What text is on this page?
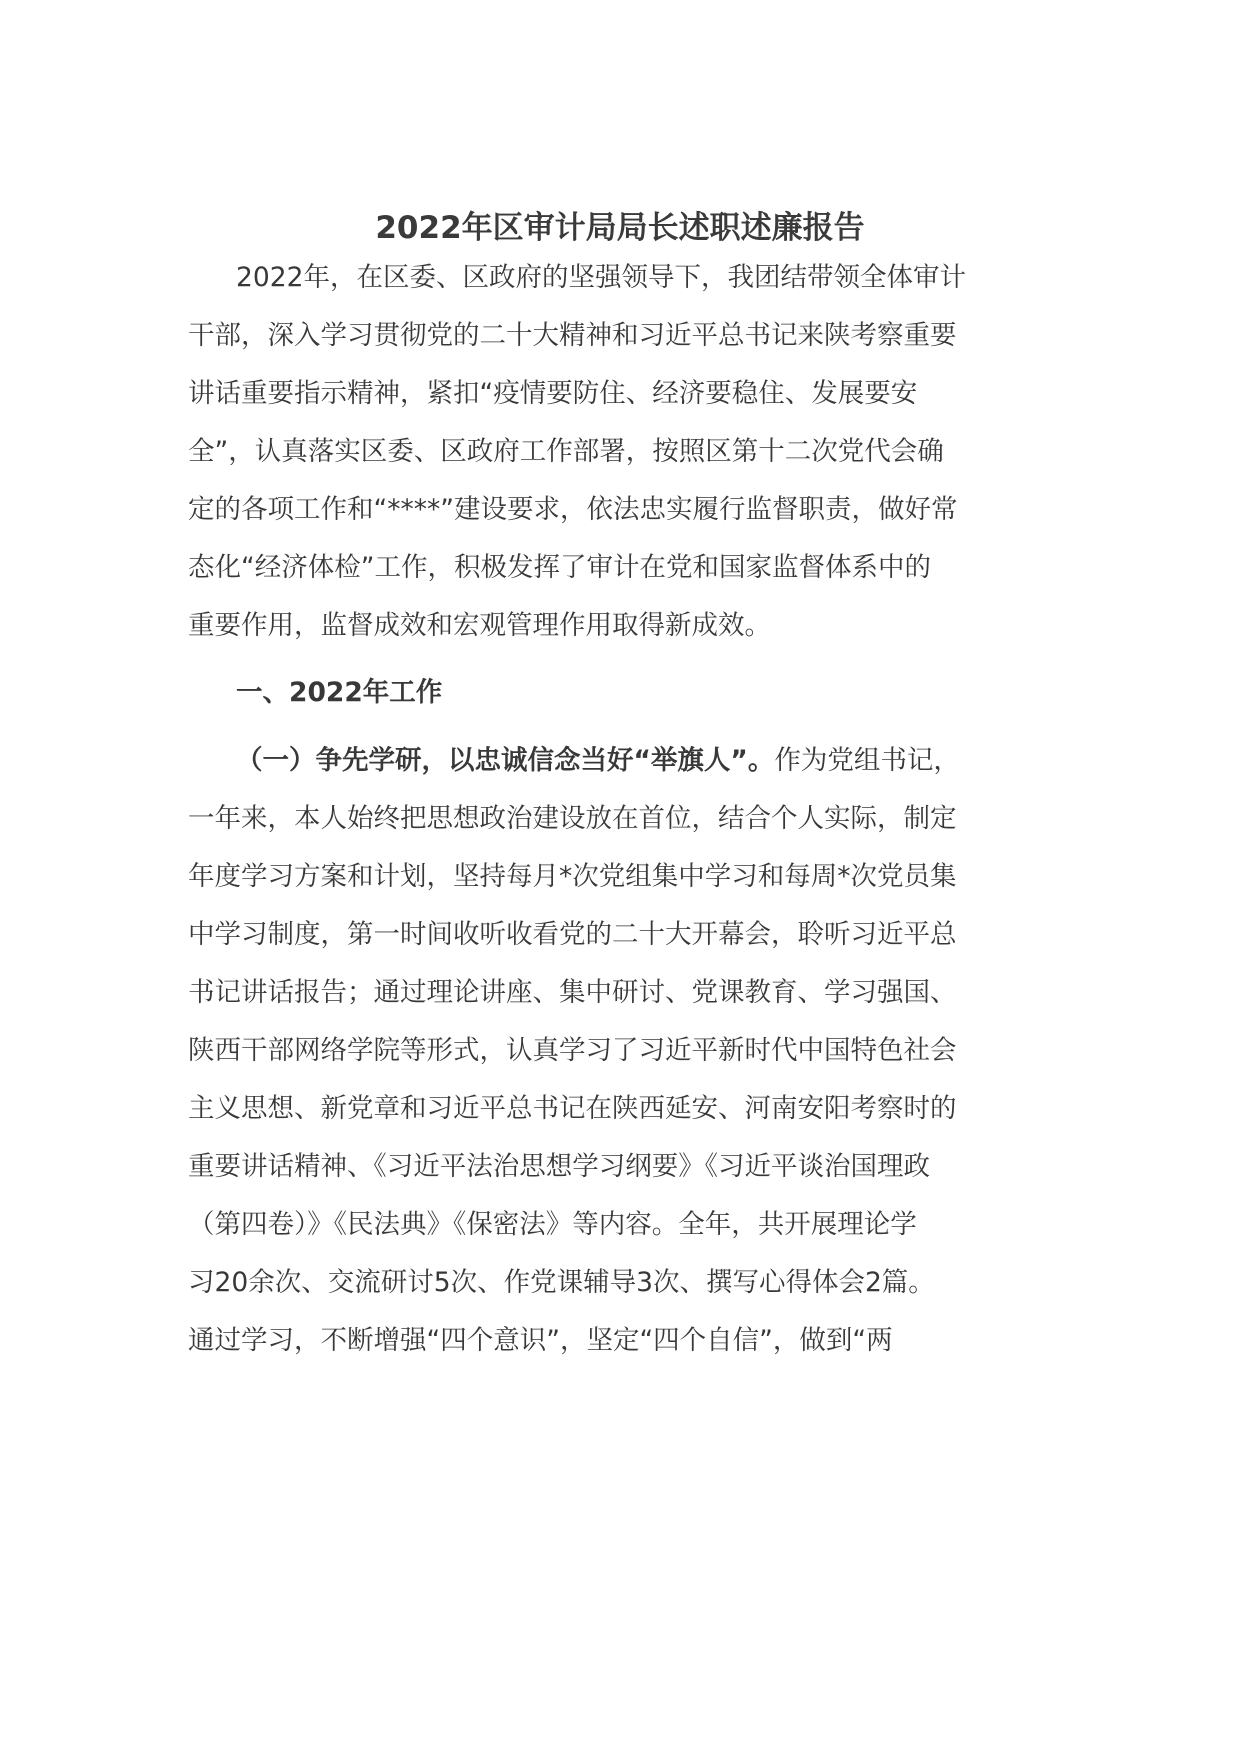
2022年区审计局局长述职述廉报告
2022年，在区委、区政府的坚强领导下，我团结带领全体审计
干部，深入学习贯彻党的二十大精神和习近平总书记来陕考察重要
讲话重要指示精神，紧扣“疫情要防住、经济要稳住、发展要安
全”，认真落实区委、区政府工作部署，按照区第十二次党代会确
定的各项工作和“****”建设要求，依法忠实履行监督职责，做好常
态化“经济体检”工作，积极发挥了审计在党和国家监督体系中的
重要作用，监督成效和宏观管理作用取得新成效。
一、2022年工作
（一）争先学研，以忠诚信念当好“举旗人”。作为党组书记，
一年来，本人始终把思想政治建设放在首位，结合个人实际，制定
年度学习方案和计划，坚持每月*次党组集中学习和每周*次党员集
中学习制度，第一时间收听收看党的二十大开幕会，聆听习近平总
书记讲话报告；通过理论讲座、集中研讨、党课教育、学习强国、
陕西干部网络学院等形式，认真学习了习近平新时代中国特色社会
主义思想、新党章和习近平总书记在陕西延安、河南安阳考察时的
重要讲话精神、《习近平法治思想学习纲要》《习近平谈治国理政
（第四卷）》《民法典》《保密法》等内容。全年，共开展理论学
习20余次、交流研讨5次、作党课辅导3次、撰写心得体会2篇。
通过学习，不断增强“四个意识”，坚定“四个自信”，做到“两
